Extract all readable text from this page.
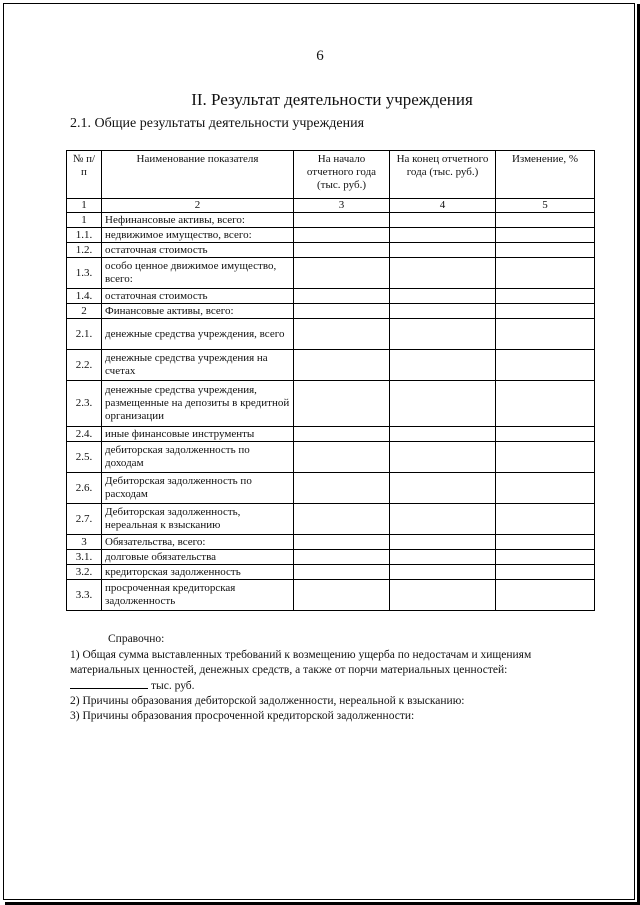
6
II. Результат деятельности учреждения
2.1. Общие результаты деятельности учреждения
№ п/п	Наименование показателя	На начало отчетного года (тыс. руб.)	На конец отчетного года (тыс. руб.)	Изменение, %
1	2	3	4	5
1	Нефинансовые активы, всего:			
1.1.	недвижимое имущество, всего:			
1.2.	остаточная стоимость			
1.3.	особо ценное движимое имущество, всего:			
1.4.	остаточная стоимость			
2	Финансовые активы, всего:			
2.1.	денежные средства учреждения, всего			
2.2.	денежные средства учреждения на счетах			
2.3.	денежные средства учреждения, размещенные на депозиты в кредитной организации			
2.4.	иные финансовые инструменты			
2.5.	дебиторская задолженность по доходам			
2.6.	Дебиторская задолженность по расходам			
2.7.	Дебиторская задолженность, нереальная к взысканию			
3	Обязательства, всего:			
3.1.	долговые обязательства			
3.2.	кредиторская задолженность			
3.3.	просроченная кредиторская задолженность			

Справочно:

1) Общая сумма выставленных требований к возмещению ущерба по недостачам и хищениям материальных ценностей, денежных средств, а также от порчи материальных ценностей:

тыс. руб.

2) Причины образования дебиторской задолженности, нереальной к взысканию:

3) Причины образования просроченной кредиторской задолженности:
